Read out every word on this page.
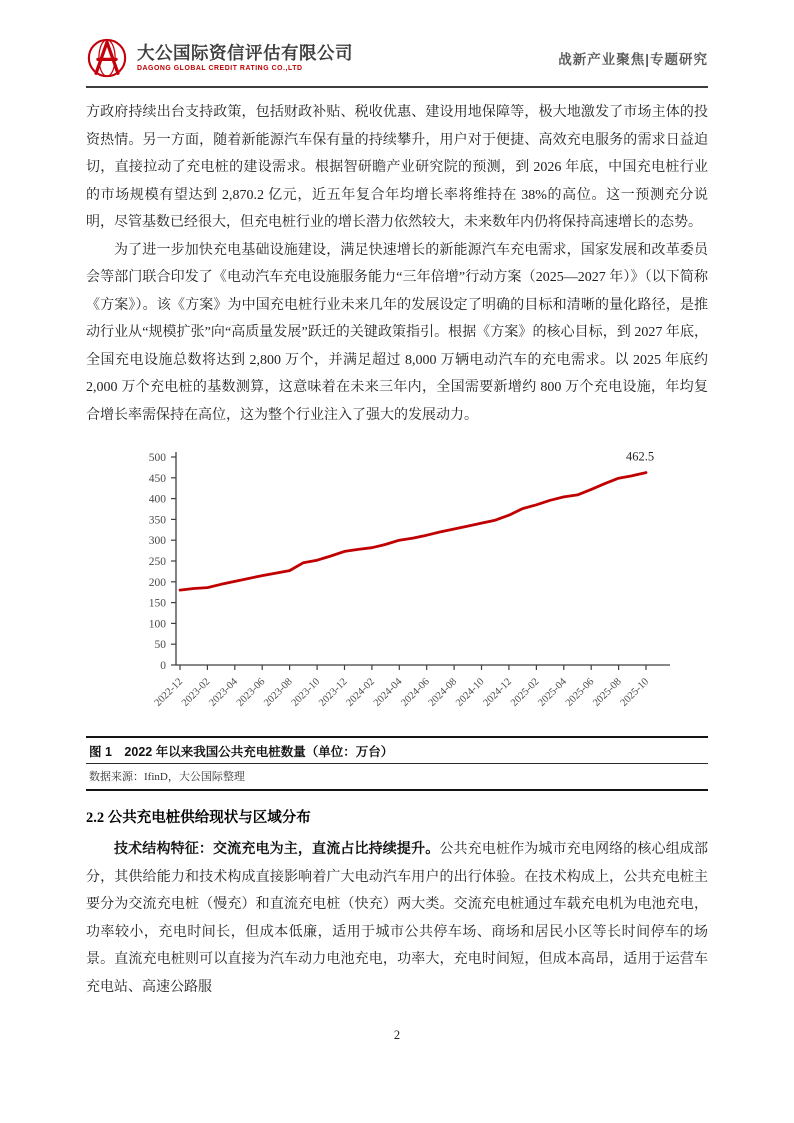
大公国际资信评估有限公司
DAGONG GLOBAL CREDIT RATING CO.,LTD
战新产业聚焦|专题研究

方政府持续出台支持政策，包括财政补贴、税收优惠、建设用地保障等，极大地激发了市场主体的投资热情。另一方面，随着新能源汽车保有量的持续攀升，用户对于便捷、高效充电服务的需求日益迫切，直接拉动了充电桩的建设需求。根据智研瞻产业研究院的预测，到 2026 年底，中国充电桩行业的市场规模有望达到 2,870.2 亿元，近五年复合年均增长率将维持在 38%的高位。这一预测充分说明，尽管基数已经很大，但充电桩行业的增长潜力依然较大，未来数年内仍将保持高速增长的态势。

为了进一步加快充电基础设施建设，满足快速增长的新能源汽车充电需求，国家发展和改革委员会等部门联合印发了《电动汽车充电设施服务能力“三年倍增”行动方案（2025—2027 年）》（以下简称《方案》）。该《方案》为中国充电桩行业未来几年的发展设定了明确的目标和清晰的量化路径，是推动行业从“规模扩张”向“高质量发展”跃迁的关键政策指引。根据《方案》的核心目标，到 2027 年底，全国充电设施总数将达到 2,800 万个，并满足超过 8,000 万辆电动汽车的充电需求。以 2025 年底约 2,000 万个充电桩的基数测算，这意味着在未来三年内，全国需要新增约 800 万个充电设施，年均复合增长率需保持在高位，这为整个行业注入了强大的发展动力。

0
50
100
150
200
250
300
350
400
450
500
2022-12
2023-02
2023-04
2023-06
2023-08
2023-10
2023-12
2024-02
2024-04
2024-06
2024-08
2024-10
2024-12
2025-02
2025-04
2025-06
2025-08
2025-10
462.5
图 1　2022 年以来我国公共充电桩数量（单位：万台）
数据来源：IfinD，大公国际整理
2.2 公共充电桩供给现状与区域分布

技术结构特征：交流充电为主，直流占比持续提升。公共充电桩作为城市充电网络的核心组成部分，其供给能力和技术构成直接影响着广大电动汽车用户的出行体验。在技术构成上，公共充电桩主要分为交流充电桩（慢充）和直流充电桩（快充）两大类。交流充电桩通过车载充电机为电池充电，功率较小，充电时间长，但成本低廉，适用于城市公共停车场、商场和居民小区等长时间停车的场景。直流充电桩则可以直接为汽车动力电池充电，功率大，充电时间短，但成本高昂，适用于运营车充电站、高速公路服

2
